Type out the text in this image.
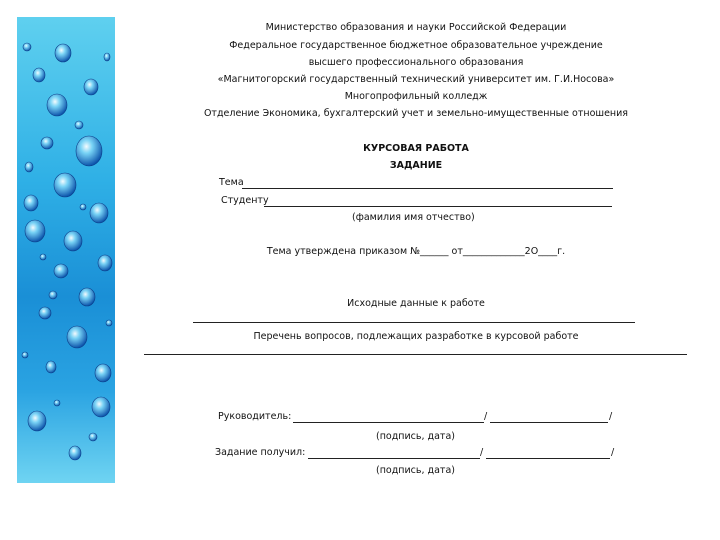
Министерство образования и науки Российской Федерации
Федеральное государственное бюджетное образовательное учреждение
высшего профессионального образования
«Магнитогорский государственный технический университет им. Г.И.Носова»
Многопрофильный колледж
Отделение Экономика, бухгалтерский учет и земельно-имущественные отношения
КУРСОВАЯ РАБОТА
ЗАДАНИЕ
Тема
Студенту
(фамилия имя отчество)
Тема утверждена приказом №______ от_____________2О____г.
Исходные данные к работе
Перечень вопросов, подлежащих разработке в курсовой работе
Руководитель:	/	/
(подпись, дата)
Задание получил:	/	/
(подпись, дата)
